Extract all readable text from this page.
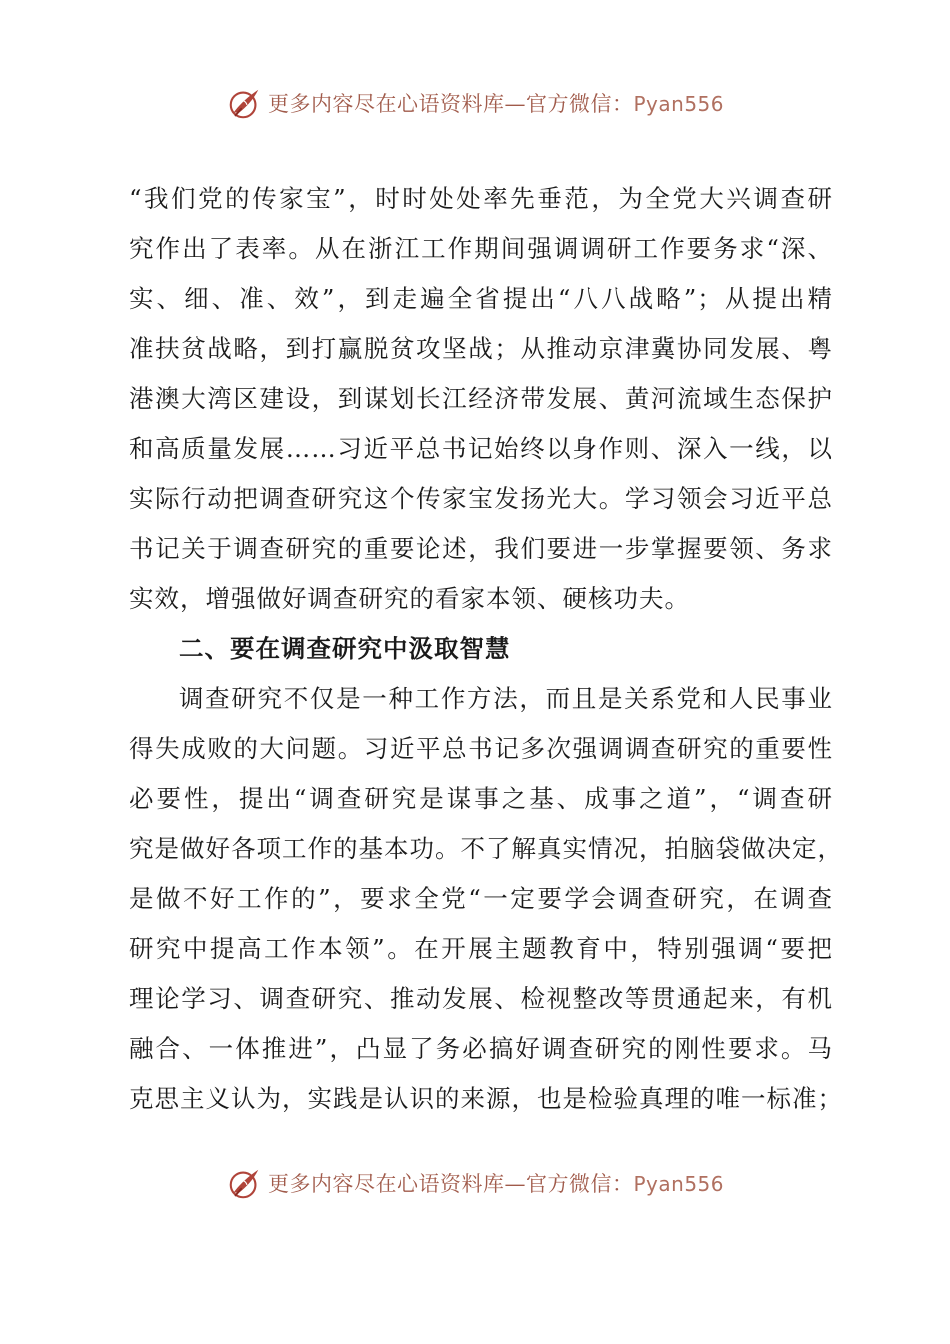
更多内容尽在心语资料库—官方微信：Pyan556
“我们党的传家宝”，时时处处率先垂范，为全党大兴调查研
究作出了表率。从在浙江工作期间强调调研工作要务求“深、
实、细、准、效”，到走遍全省提出“八八战略”；从提出精
准扶贫战略，到打赢脱贫攻坚战；从推动京津冀协同发展、粤
港澳大湾区建设，到谋划长江经济带发展、黄河流域生态保护
和高质量发展……习近平总书记始终以身作则、深入一线，以
实际行动把调查研究这个传家宝发扬光大。学习领会习近平总
书记关于调查研究的重要论述，我们要进一步掌握要领、务求
实效，增强做好调查研究的看家本领、硬核功夫。
二、要在调查研究中汲取智慧
调查研究不仅是一种工作方法，而且是关系党和人民事业
得失成败的大问题。习近平总书记多次强调调查研究的重要性
必要性，提出“调查研究是谋事之基、成事之道”，“调查研
究是做好各项工作的基本功。不了解真实情况，拍脑袋做决定，
是做不好工作的”，要求全党“一定要学会调查研究，在调查
研究中提高工作本领”。在开展主题教育中，特别强调“要把
理论学习、调查研究、推动发展、检视整改等贯通起来，有机
融合、一体推进”，凸显了务必搞好调查研究的刚性要求。马
克思主义认为，实践是认识的来源，也是检验真理的唯一标准；
更多内容尽在心语资料库—官方微信：Pyan556
